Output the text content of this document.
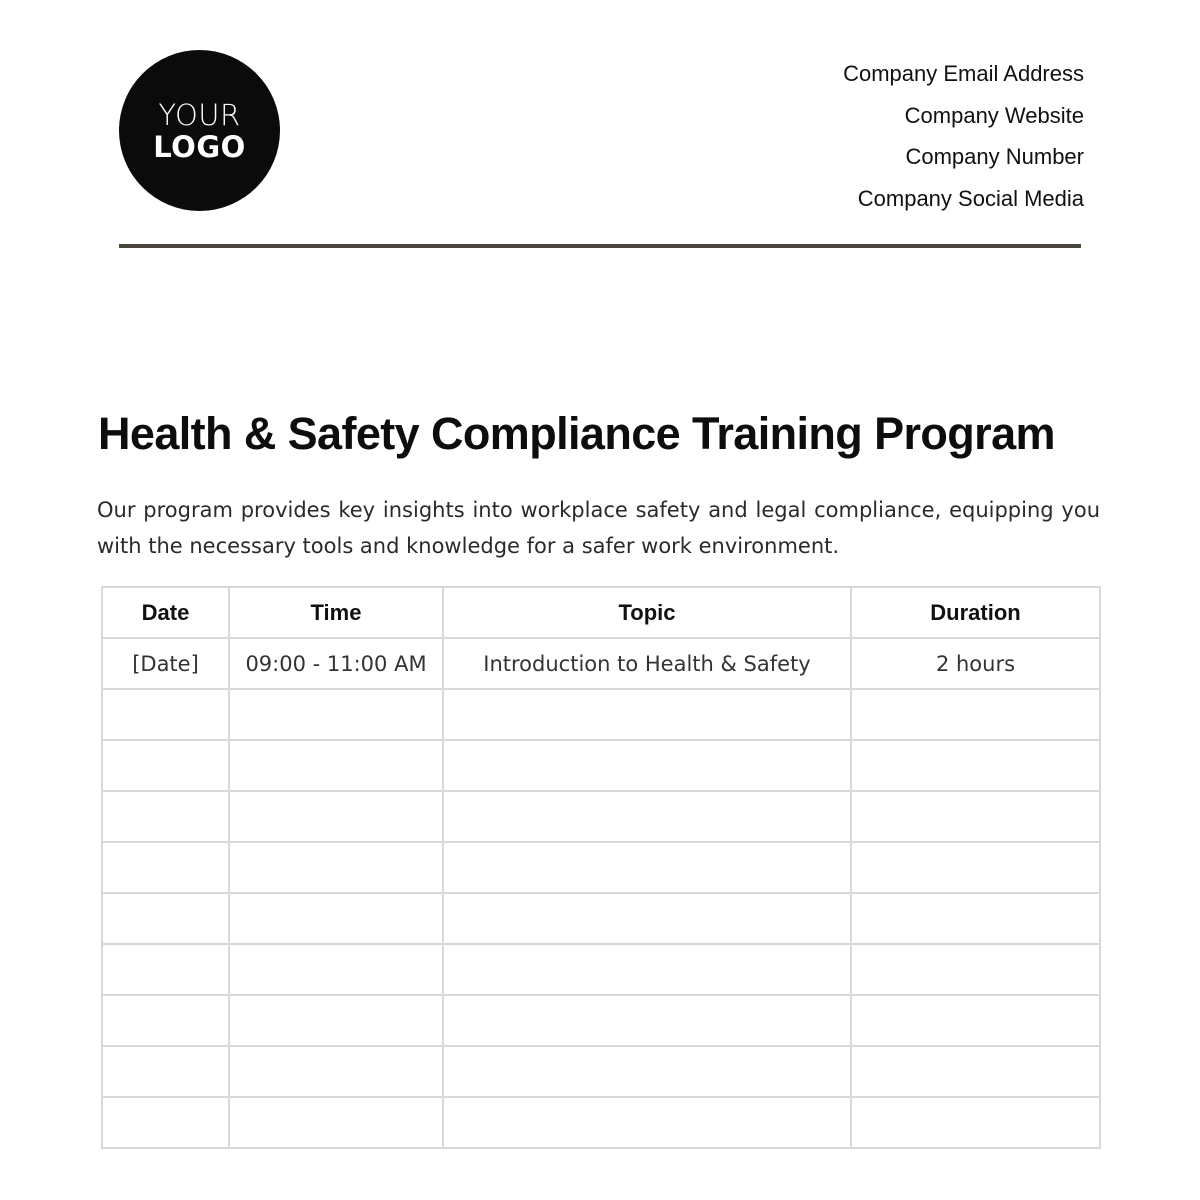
YOUR
LOGO
Company Email Address
Company Website
Company Number
Company Social Media
Health & Safety Compliance Training Program

Our program provides key insights into workplace safety and legal compliance, equipping you with the necessary tools and knowledge for a safer work environment.

Date	Time	Topic	Duration
[Date]	09:00 - 11:00 AM	Introduction to Health & Safety	2 hours
